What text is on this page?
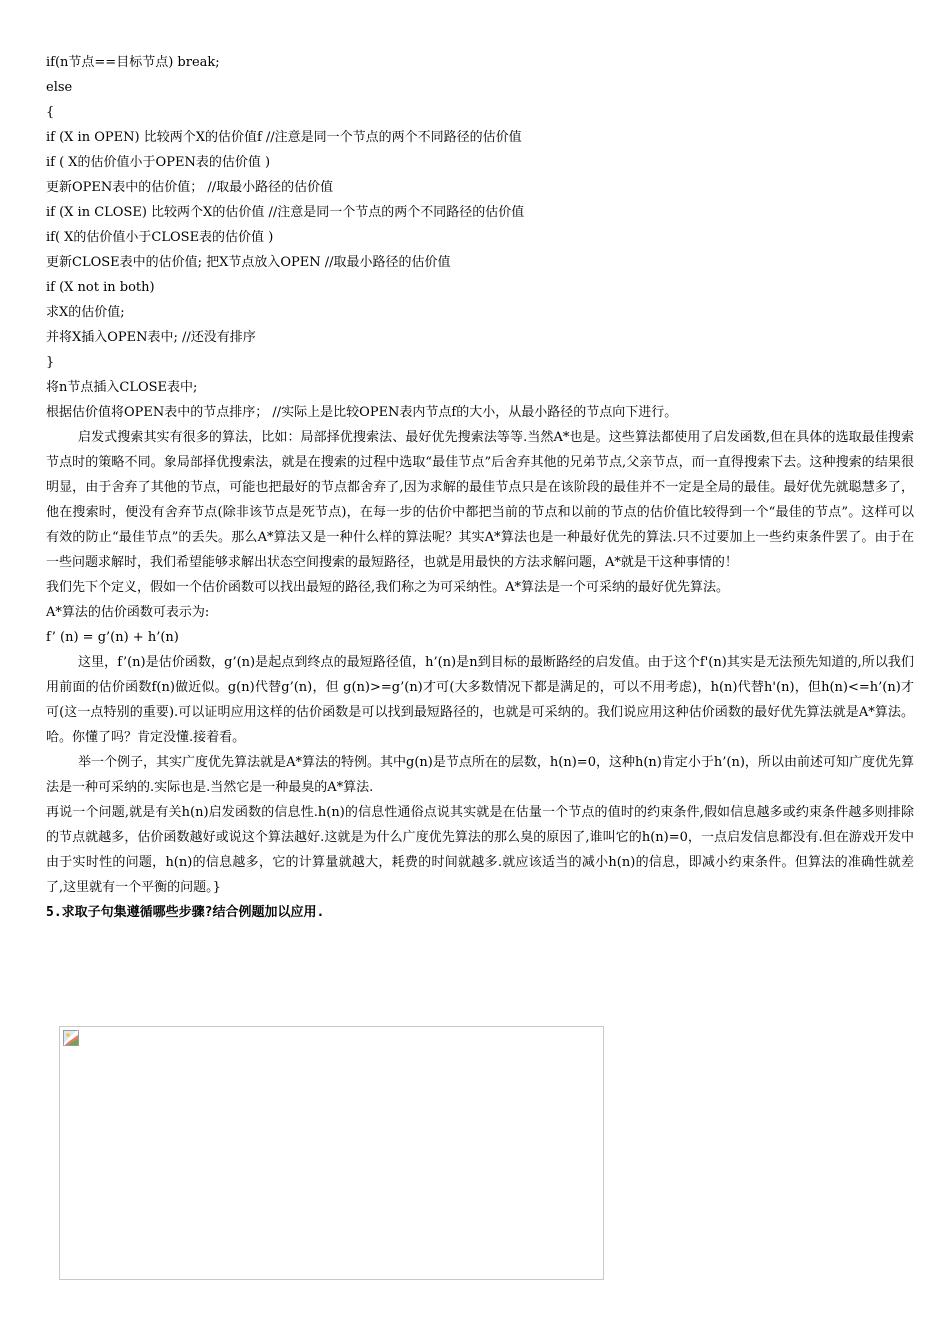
if(n节点==目标节点) break;
else
{
if (X in OPEN) 比较两个X的估价值f //注意是同一个节点的两个不同路径的估价值
if ( X的估价值小于OPEN表的估价值 )
更新OPEN表中的估价值； //取最小路径的估价值
if (X in CLOSE) 比较两个X的估价值 //注意是同一个节点的两个不同路径的估价值
if( X的估价值小于CLOSE表的估价值 )
更新CLOSE表中的估价值; 把X节点放入OPEN //取最小路径的估价值
if (X not in both)
求X的估价值;
并将X插入OPEN表中; //还没有排序
}
将n节点插入CLOSE表中;
根据估价值将OPEN表中的节点排序； //实际上是比较OPEN表内节点f的大小，从最小路径的节点向下进行。

启发式搜索其实有很多的算法，比如：局部择优搜索法、最好优先搜索法等等.当然A*也是。这些算法都使用了启发函数,但在具体的选取最佳搜索节点时的策略不同。象局部择优搜索法，就是在搜索的过程中选取“最佳节点”后舍弃其他的兄弟节点,父亲节点，而一直得搜索下去。这种搜索的结果很明显，由于舍弃了其他的节点，可能也把最好的节点都舍弃了,因为求解的最佳节点只是在该阶段的最佳并不一定是全局的最佳。最好优先就聪慧多了，他在搜索时，便没有舍弃节点(除非该节点是死节点)，在每一步的估价中都把当前的节点和以前的节点的估价值比较得到一个“最佳的节点”。这样可以有效的防止“最佳节点”的丢失。那么A*算法又是一种什么样的算法呢？其实A*算法也是一种最好优先的算法.只不过要加上一些约束条件罢了。由于在一些问题求解时，我们希望能够求解出状态空间搜索的最短路径，也就是用最快的方法求解问题，A*就是干这种事情的！

我们先下个定义，假如一个估价函数可以找出最短的路径,我们称之为可采纳性。A*算法是一个可采纳的最好优先算法。

A*算法的估价函数可表示为:

f’ (n) = g’(n) + h’(n)

这里，f’(n)是估价函数，g’(n)是起点到终点的最短路径值，h’(n)是n到目标的最断路经的启发值。由于这个f'(n)其实是无法预先知道的,所以我们用前面的估价函数f(n)做近似。g(n)代替g’(n)，但 g(n)>=g’(n)才可(大多数情况下都是满足的，可以不用考虑)，h(n)代替h'(n)，但h(n)<=h’(n)才可(这一点特别的重要).可以证明应用这样的估价函数是可以找到最短路径的，也就是可采纳的。我们说应用这种估价函数的最好优先算法就是A*算法。哈。你懂了吗？肯定没懂.接着看。

举一个例子，其实广度优先算法就是A*算法的特例。其中g(n)是节点所在的层数，h(n)=0，这种h(n)肯定小于h’(n)，所以由前述可知广度优先算法是一种可采纳的.实际也是.当然它是一种最臭的A*算法.

再说一个问题,就是有关h(n)启发函数的信息性.h(n)的信息性通俗点说其实就是在估量一个节点的值时的约束条件,假如信息越多或约束条件越多则排除的节点就越多，估价函数越好或说这个算法越好.这就是为什么广度优先算法的那么臭的原因了,谁叫它的h(n)=0，一点启发信息都没有.但在游戏开发中由于实时性的问题，h(n)的信息越多，它的计算量就越大，耗费的时间就越多.就应该适当的减小h(n)的信息，即减小约束条件。但算法的准确性就差了,这里就有一个平衡的问题。}

5.求取子句集遵循哪些步骤?结合例题加以应用.
